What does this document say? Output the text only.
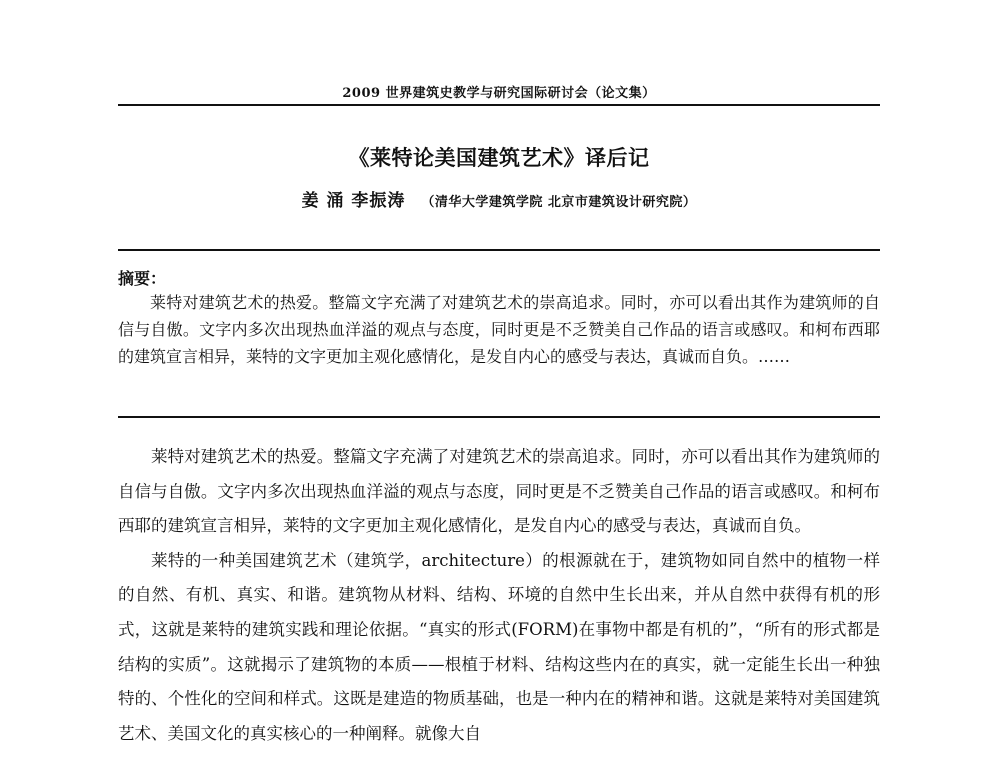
2009 世界建筑史教学与研究国际研讨会（论文集）
《莱特论美国建筑艺术》译后记
姜 涌 李振涛 （清华大学建筑学院 北京市建筑设计研究院）
摘要：

莱特对建筑艺术的热爱。整篇文字充满了对建筑艺术的崇高追求。同时，亦可以看出其作为建筑师的自信与自傲。文字内多次出现热血洋溢的观点与态度，同时更是不乏赞美自己作品的语言或感叹。和柯布西耶的建筑宣言相异，莱特的文字更加主观化感情化，是发自内心的感受与表达，真诚而自负。……

莱特对建筑艺术的热爱。整篇文字充满了对建筑艺术的崇高追求。同时，亦可以看出其作为建筑师的自信与自傲。文字内多次出现热血洋溢的观点与态度，同时更是不乏赞美自己作品的语言或感叹。和柯布西耶的建筑宣言相异，莱特的文字更加主观化感情化，是发自内心的感受与表达，真诚而自负。

莱特的一种美国建筑艺术（建筑学，architecture）的根源就在于，建筑物如同自然中的植物一样的自然、有机、真实、和谐。建筑物从材料、结构、环境的自然中生长出来，并从自然中获得有机的形式，这就是莱特的建筑实践和理论依据。“真实的形式(FORM)在事物中都是有机的”，“所有的形式都是结构的实质”。这就揭示了建筑物的本质——根植于材料、结构这些内在的真实，就一定能生长出一种独特的、个性化的空间和样式。这既是建造的物质基础，也是一种内在的精神和谐。这就是莱特对美国建筑艺术、美国文化的真实核心的一种阐释。就像大自
